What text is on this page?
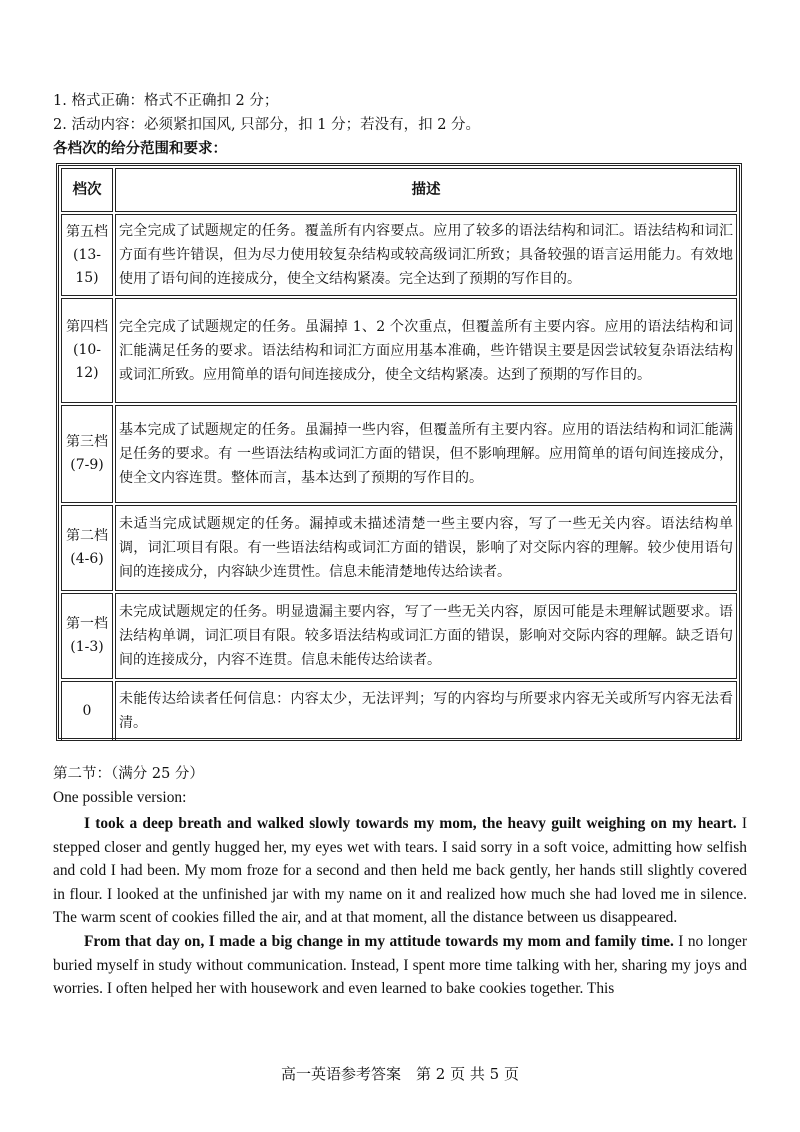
1. 格式正确：格式不正确扣 2 分；
2. 活动内容：必须紧扣国风, 只部分，扣 1 分；若没有，扣 2 分。
各档次的给分范围和要求：
档次	描述

第五档
(13-15)	完全完成了试题规定的任务。覆盖所有内容要点。应用了较多的语法结构和词汇。语法结构和词汇方面有些许错误，但为尽力使用较复杂结构或较高级词汇所致；具备较强的语言运用能力。有效地使用了语句间的连接成分，使全文结构紧凑。完全达到了预期的写作目的。

第四档
(10-12)	完全完成了试题规定的任务。虽漏掉 1、2 个次重点，但覆盖所有主要内容。应用的语法结构和词汇能满足任务的要求。语法结构和词汇方面应用基本准确，些许错误主要是因尝试较复杂语法结构或词汇所致。应用简单的语句间连接成分，使全文结构紧凑。达到了预期的写作目的。

第三档
(7-9)	基本完成了试题规定的任务。虽漏掉一些内容，但覆盖所有主要内容。应用的语法结构和词汇能满足任务的要求。有 一些语法结构或词汇方面的错误，但不影响理解。应用简单的语句间连接成分，使全文内容连贯。整体而言，基本达到了预期的写作目的。

第二档
(4-6)	未适当完成试题规定的任务。漏掉或未描述清楚一些主要内容，写了一些无关内容。语法结构单调，词汇项目有限。有一些语法结构或词汇方面的错误，影响了对交际内容的理解。较少使用语句间的连接成分，内容缺少连贯性。信息未能清楚地传达给读者。

第一档
(1-3)	未完成试题规定的任务。明显遗漏主要内容，写了一些无关内容，原因可能是未理解试题要求。语法结构单调，词汇项目有限。较多语法结构或词汇方面的错误，影响对交际内容的理解。缺乏语句间的连接成分，内容不连贯。信息未能传达给读者。

0	未能传达给读者任何信息：内容太少，无法评判；写的内容均与所要求内容无关或所写内容无法看清。
第二节：（满分 25 分）
One possible version:

I took a deep breath and walked slowly towards my mom, the heavy guilt weighing on my heart. I stepped closer and gently hugged her, my eyes wet with tears. I said sorry in a soft voice, admitting how selfish and cold I had been. My mom froze for a second and then held me back gently, her hands still slightly covered in flour. I looked at the unfinished jar with my name on it and realized how much she had loved me in silence. The warm scent of cookies filled the air, and at that moment, all the distance between us disappeared.

From that day on, I made a big change in my attitude towards my mom and family time. I no longer buried myself in study without communication. Instead, I spent more time talking with her, sharing my joys and worries. I often helped her with housework and even learned to bake cookies together. This

高一英语参考答案　第 2 页 共 5 页
